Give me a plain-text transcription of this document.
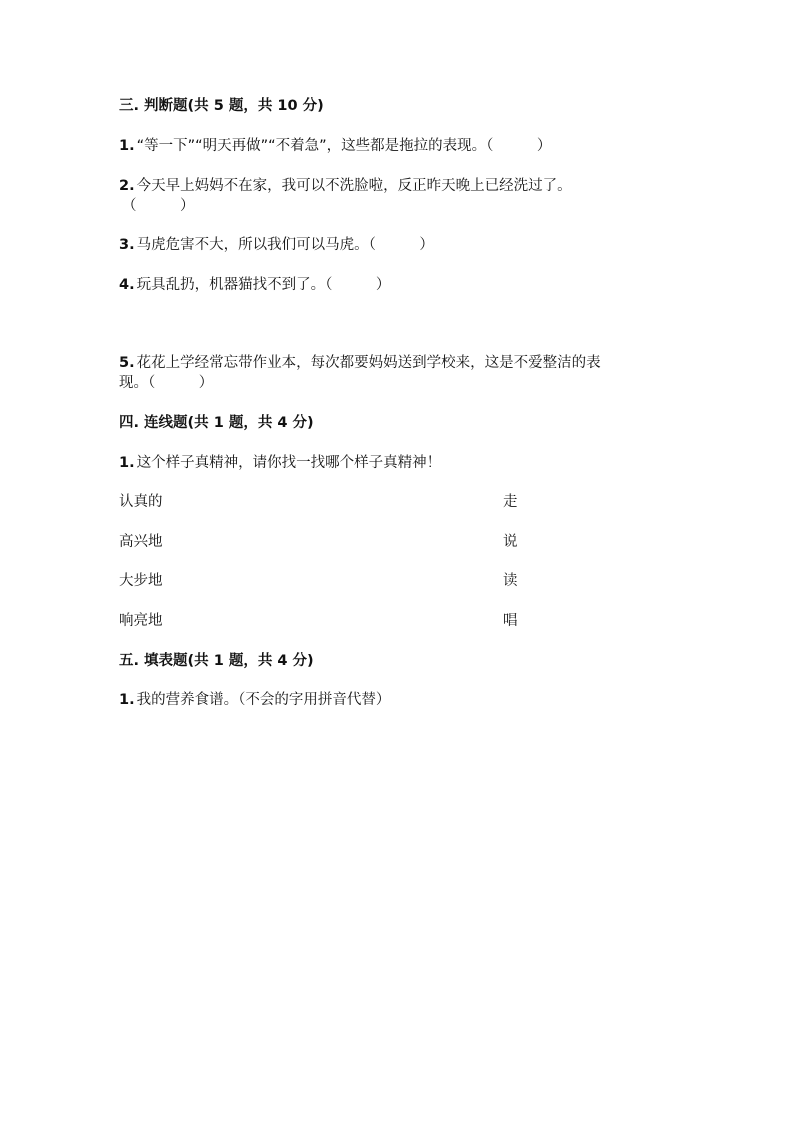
三. 判断题(共 5 题，共 10 分)
1. “等一下”“明天再做”“不着急”，这些都是拖拉的表现。（　　　）
2. 今天早上妈妈不在家，我可以不洗脸啦，反正昨天晚上已经洗过了。
（　　　）
3. 马虎危害不大，所以我们可以马虎。（　　　）
4. 玩具乱扔，机器猫找不到了。（　　　）
5. 花花上学经常忘带作业本，每次都要妈妈送到学校来，这是不爱整洁的表
现。（　　　）
四. 连线题(共 1 题，共 4 分)
1. 这个样子真精神，请你找一找哪个样子真精神！
认真的	走
高兴地	说
大步地	读
响亮地	唱
五. 填表题(共 1 题，共 4 分)
1. 我的营养食谱。（不会的字用拼音代替）
